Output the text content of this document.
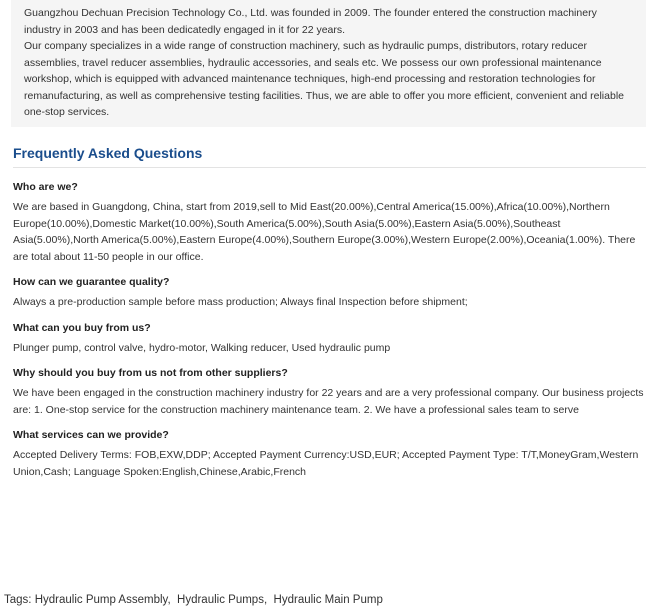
Guangzhou Dechuan Precision Technology Co., Ltd. was founded in 2009. The founder entered the construction machinery industry in 2003 and has been dedicatedly engaged in it for 22 years.

Our company specializes in a wide range of construction machinery, such as hydraulic pumps, distributors, rotary reducer assemblies, travel reducer assemblies, hydraulic accessories, and seals etc. We possess our own professional maintenance workshop, which is equipped with advanced maintenance techniques, high-end processing and restoration technologies for remanufacturing, as well as comprehensive testing facilities. Thus, we are able to offer you more efficient, convenient and reliable one-stop services.

Frequently Asked Questions

Who are we?

We are based in Guangdong, China, start from 2019,sell to Mid East(20.00%),Central America(15.00%),Africa(10.00%),Northern Europe(10.00%),Domestic Market(10.00%),South America(5.00%),South Asia(5.00%),Eastern Asia(5.00%),Southeast Asia(5.00%),North America(5.00%),Eastern Europe(4.00%),Southern Europe(3.00%),Western Europe(2.00%),Oceania(1.00%). There are total about 11-50 people in our office.

How can we guarantee quality?

Always a pre-production sample before mass production; Always final Inspection before shipment;

What can you buy from us?

Plunger pump, control valve, hydro-motor, Walking reducer, Used hydraulic pump

Why should you buy from us not from other suppliers?

We have been engaged in the construction machinery industry for 22 years and are a very professional company. Our business projects are: 1. One-stop service for the construction machinery maintenance team. 2. We have a professional sales team to serve

What services can we provide?

Accepted Delivery Terms: FOB,EXW,DDP; Accepted Payment Currency:USD,EUR; Accepted Payment Type: T/T,MoneyGram,Western Union,Cash; Language Spoken:English,Chinese,Arabic,French

Tags: Hydraulic Pump Assembly, Hydraulic Pumps, Hydraulic Main Pump
